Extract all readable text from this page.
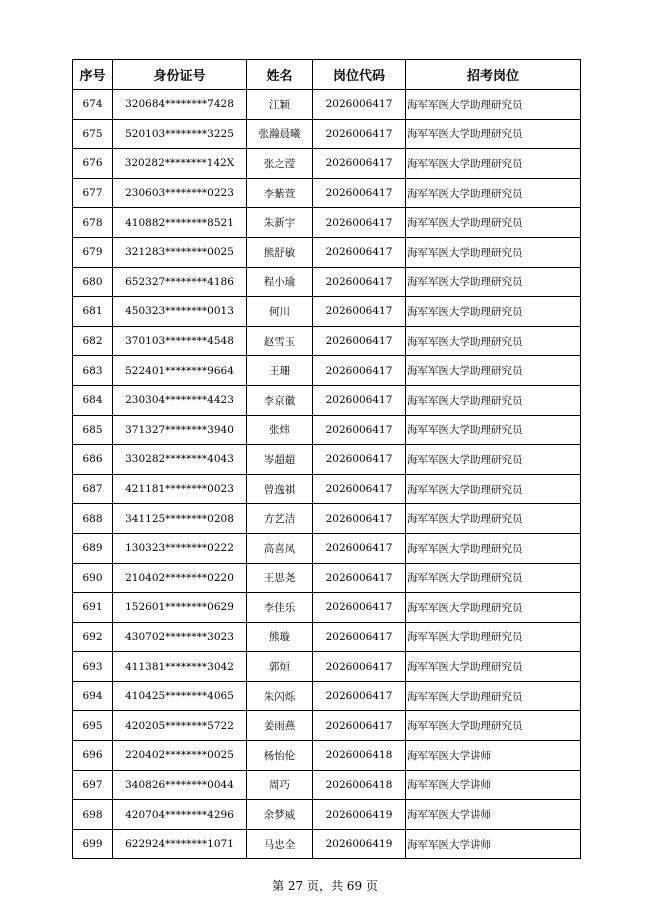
序号	身份证号	姓名	岗位代码	招考岗位
674	320684********7428	江颖	2026006417	海军军医大学助理研究员
675	520103********3225	张瀚晨曦	2026006417	海军军医大学助理研究员
676	320282********142X	张之滢	2026006417	海军军医大学助理研究员
677	230603********0223	李紫萱	2026006417	海军军医大学助理研究员
678	410882********8521	朱新宇	2026006417	海军军医大学助理研究员
679	321283********0025	熊舒敏	2026006417	海军军医大学助理研究员
680	652327********4186	程小瑜	2026006417	海军军医大学助理研究员
681	450323********0013	何川	2026006417	海军军医大学助理研究员
682	370103********4548	赵雪玉	2026006417	海军军医大学助理研究员
683	522401********9664	王珊	2026006417	海军军医大学助理研究员
684	230304********4423	李京徽	2026006417	海军军医大学助理研究员
685	371327********3940	张炜	2026006417	海军军医大学助理研究员
686	330282********4043	岑超超	2026006417	海军军医大学助理研究员
687	421181********0023	曾逸祺	2026006417	海军军医大学助理研究员
688	341125********0208	方艺洁	2026006417	海军军医大学助理研究员
689	130323********0222	高喜凤	2026006417	海军军医大学助理研究员
690	210402********0220	王思尧	2026006417	海军军医大学助理研究员
691	152601********0629	李佳乐	2026006417	海军军医大学助理研究员
692	430702********3023	熊璇	2026006417	海军军医大学助理研究员
693	411381********3042	郭烜	2026006417	海军军医大学助理研究员
694	410425********4065	朱闪烁	2026006417	海军军医大学助理研究员
695	420205********5722	姜雨燕	2026006417	海军军医大学助理研究员
696	220402********0025	杨怡伦	2026006418	海军军医大学讲师
697	340826********0044	周巧	2026006418	海军军医大学讲师
698	420704********4296	余梦威	2026006419	海军军医大学讲师
699	622924********1071	马忠全	2026006419	海军军医大学讲师
第 27 页，共 69 页
